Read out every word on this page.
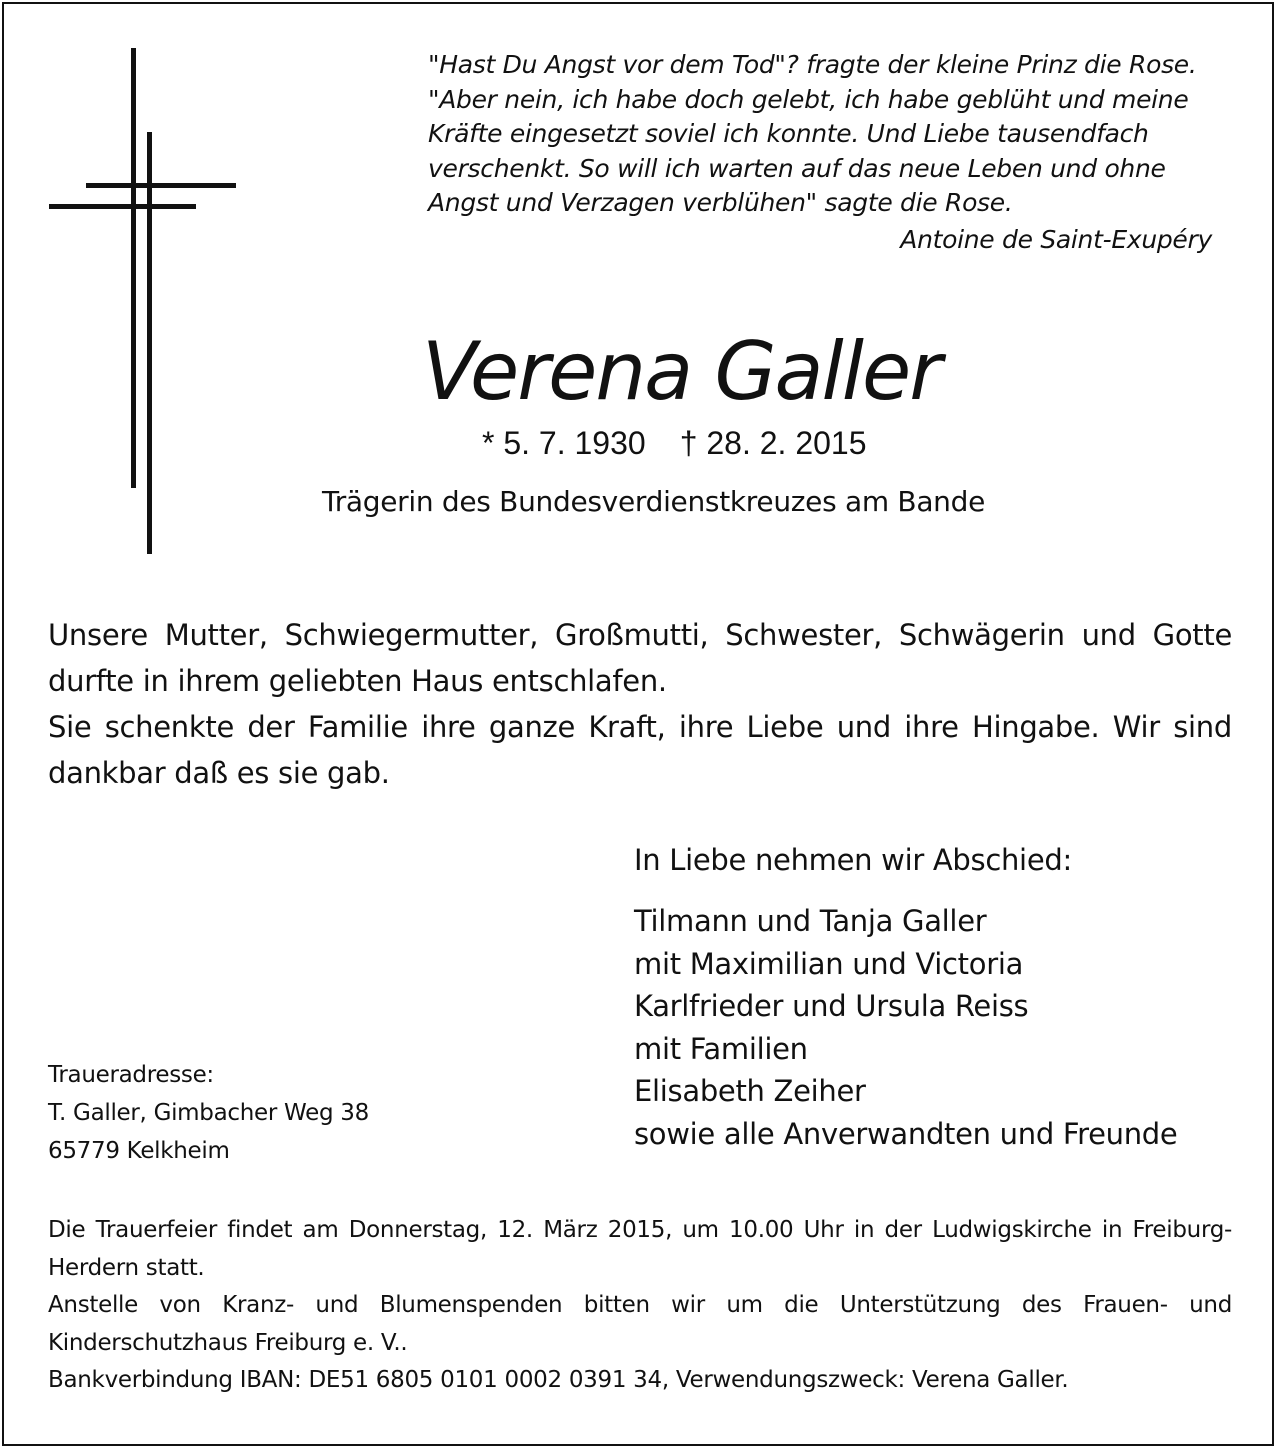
"Hast Du Angst vor dem Tod"? fragte der kleine Prinz die Rose.
"Aber nein, ich habe doch gelebt, ich habe geblüht und meine
Kräfte eingesetzt soviel ich konnte. Und Liebe tausendfach
verschenkt. So will ich warten auf das neue Leben und ohne
Angst und Verzagen verblühen" sagte die Rose.
Antoine de Saint-Exupéry
Verena Galler
* 5. 7. 1930 † 28. 2. 2015
Trägerin des Bundesverdienstkreuzes am Bande

Unsere Mutter, Schwiegermutter, Großmutti, Schwester, Schwägerin und Gotte durfte in ihrem geliebten Haus entschlafen.

Sie schenkte der Familie ihre ganze Kraft, ihre Liebe und ihre Hingabe. Wir sind dankbar daß es sie gab.

In Liebe nehmen wir Abschied:
Tilmann und Tanja Galler
mit Maximilian und Victoria
Karlfrieder und Ursula Reiss
mit Familien
Elisabeth Zeiher
sowie alle Anverwandten und Freunde
Traueradresse:
T. Galler, Gimbacher Weg 38
65779 Kelkheim

Die Trauerfeier findet am Donnerstag, 12. März 2015, um 10.00 Uhr in der Ludwigskirche in Freiburg-Herdern statt.

Anstelle von Kranz- und Blumenspenden bitten wir um die Unterstützung des Frauen- und Kinderschutzhaus Freiburg e. V..

Bankverbindung IBAN: DE51 6805 0101 0002 0391 34, Verwendungszweck: Verena Galler.
